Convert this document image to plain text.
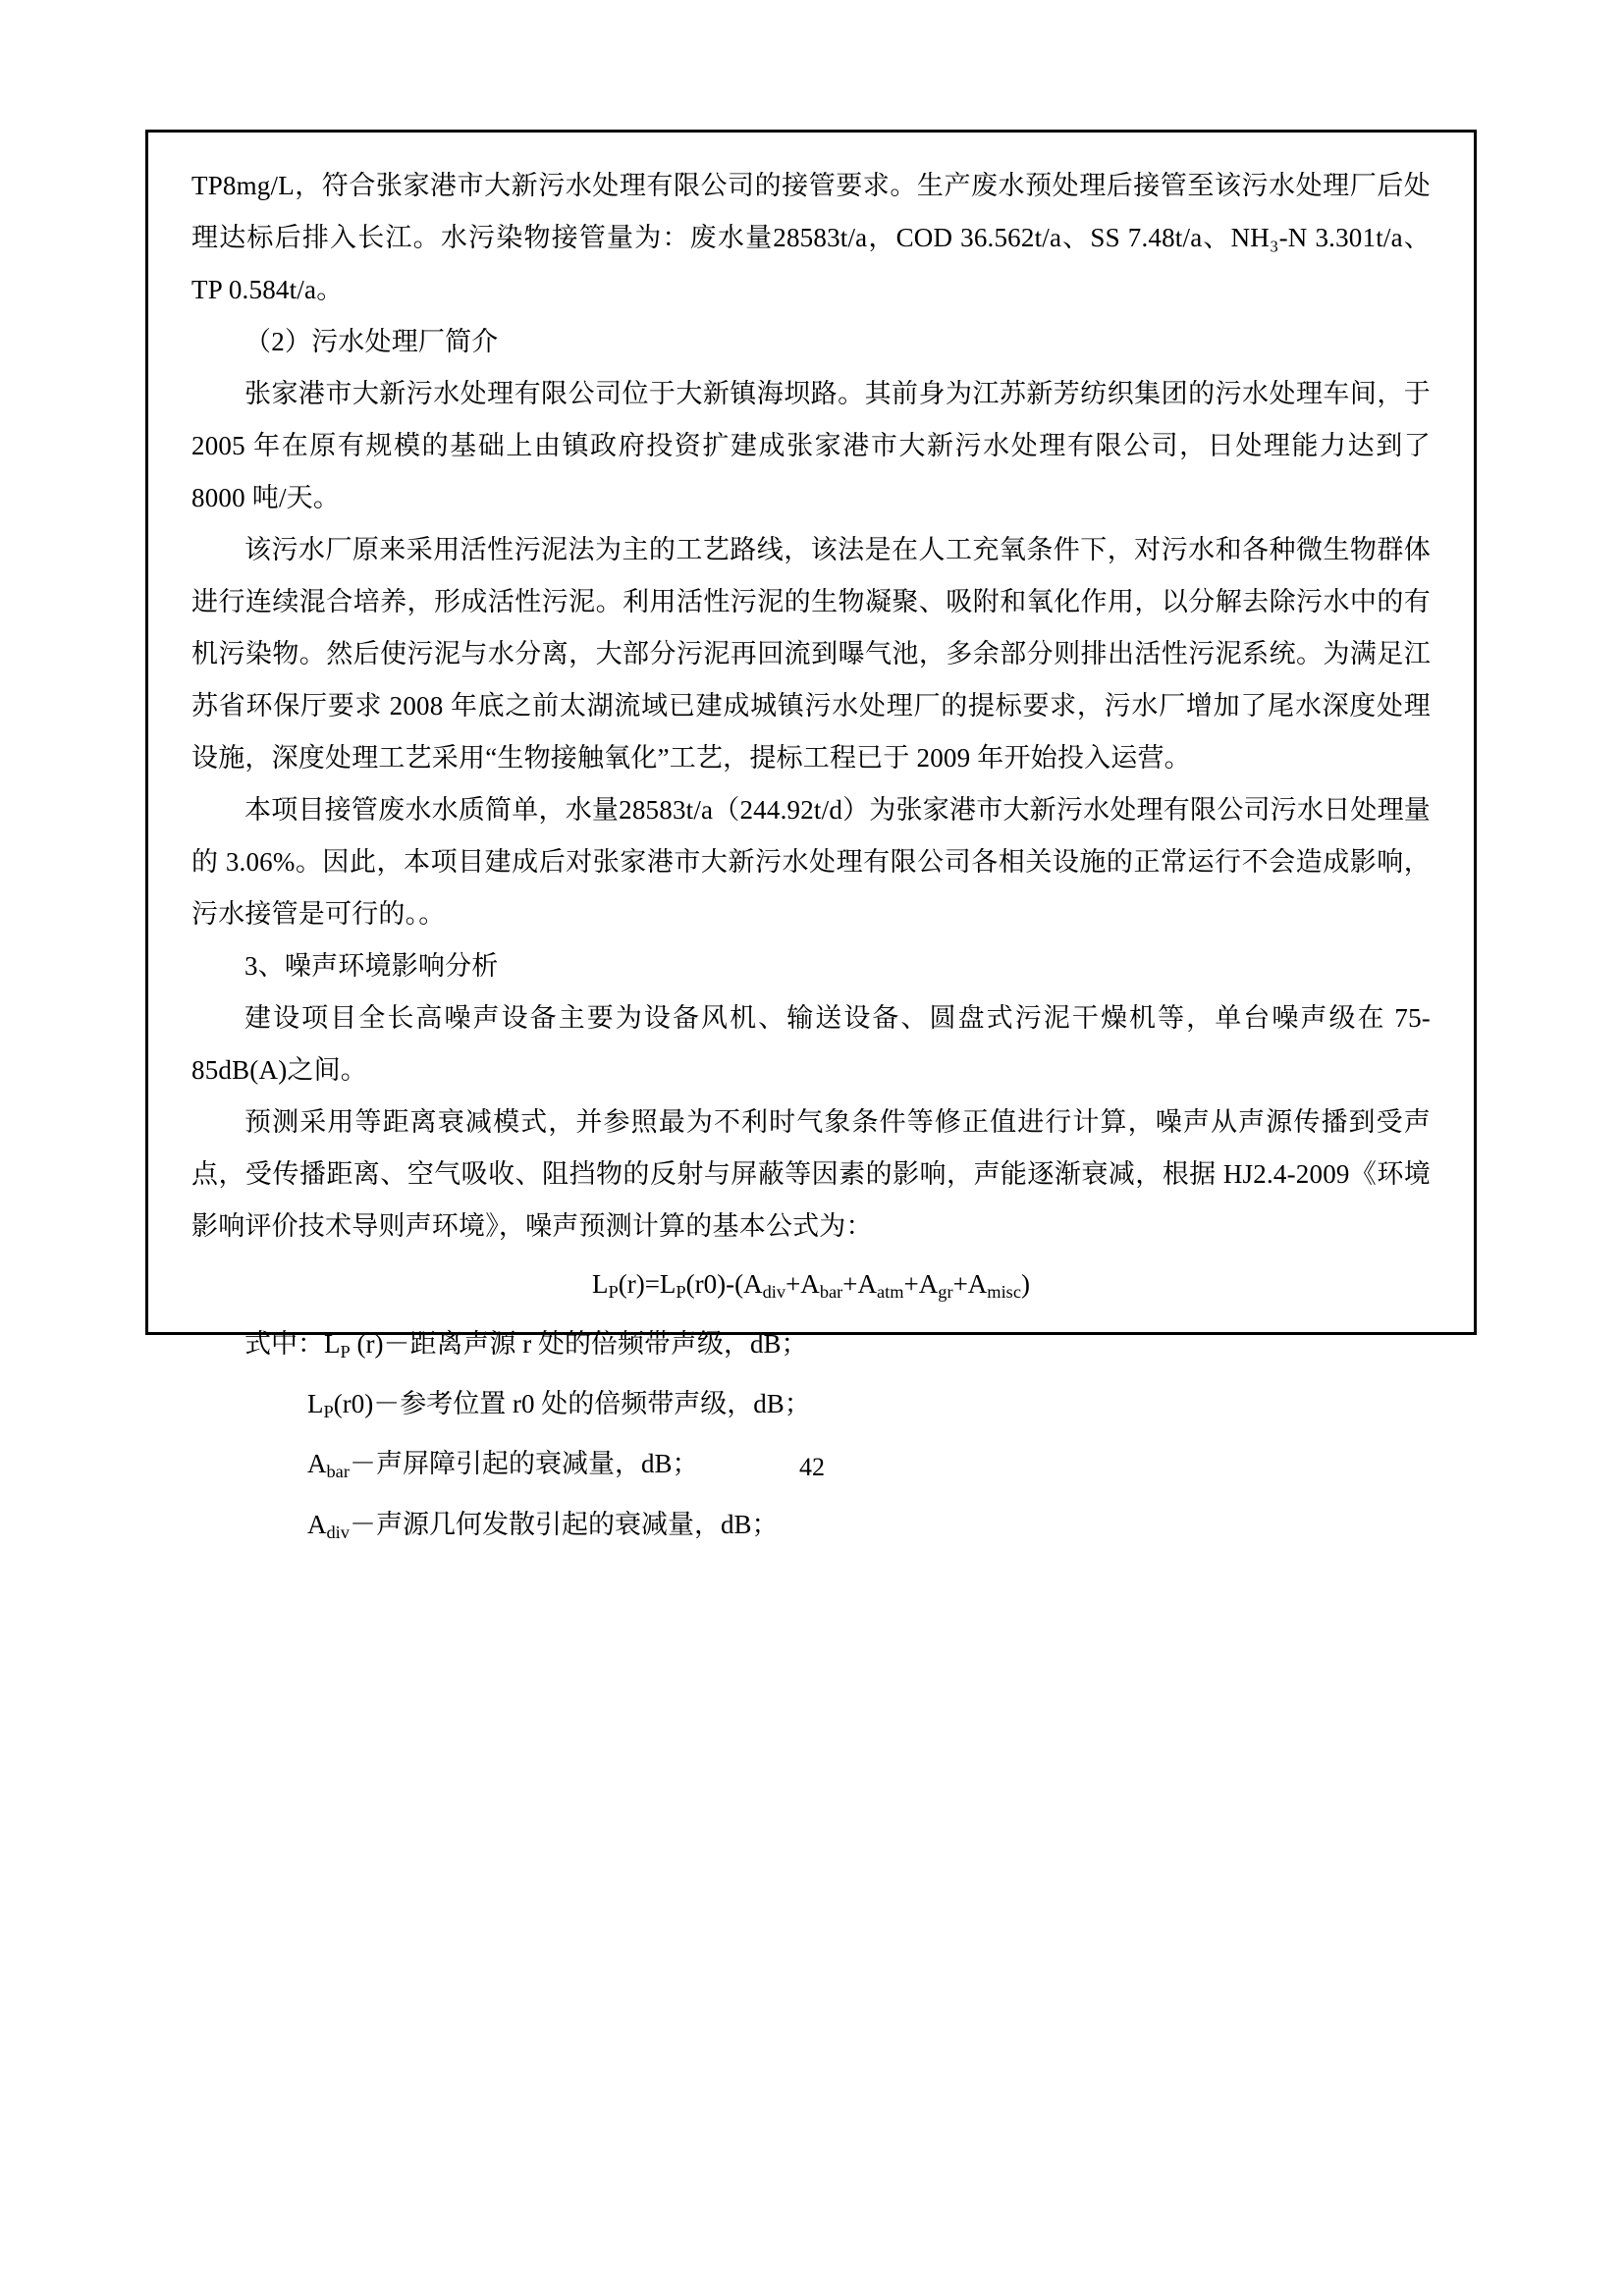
TP8mg/L，符合张家港市大新污水处理有限公司的接管要求。生产废水预处理后接管至该污水处理厂后处理达标后排入长江。水污染物接管量为：废水量28583t/a，COD 36.562t/a、SS 7.48t/a、NH₃-N 3.301t/a、TP 0.584t/a。

（2）污水处理厂简介

张家港市大新污水处理有限公司位于大新镇海坝路。其前身为江苏新芳纺织集团的污水处理车间，于 2005 年在原有规模的基础上由镇政府投资扩建成张家港市大新污水处理有限公司，日处理能力达到了 8000 吨/天。

该污水厂原来采用活性污泥法为主的工艺路线，该法是在人工充氧条件下，对污水和各种微生物群体进行连续混合培养，形成活性污泥。利用活性污泥的生物凝聚、吸附和氧化作用，以分解去除污水中的有机污染物。然后使污泥与水分离，大部分污泥再回流到曝气池，多余部分则排出活性污泥系统。为满足江苏省环保厅要求 2008 年底之前太湖流域已建成城镇污水处理厂的提标要求，污水厂增加了尾水深度处理设施，深度处理工艺采用“生物接触氧化”工艺，提标工程已于 2009 年开始投入运营。

本项目接管废水水质简单，水量28583t/a（244.92t/d）为张家港市大新污水处理有限公司污水日处理量的 3.06%。因此，本项目建成后对张家港市大新污水处理有限公司各相关设施的正常运行不会造成影响，污水接管是可行的。。

3、噪声环境影响分析

建设项目全长高噪声设备主要为设备风机、输送设备、圆盘式污泥干燥机等，单台噪声级在 75-85dB(A)之间。

预测采用等距离衰减模式，并参照最为不利时气象条件等修正值进行计算，噪声从声源传播到受声点，受传播距离、空气吸收、阻挡物的反射与屏蔽等因素的影响，声能逐渐衰减，根据 HJ2.4-2009《环境影响评价技术导则声环境》，噪声预测计算的基本公式为：

$L_P(r)=L_P(r0)-(A_{div}+A_{bar}+A_{atm}+A_{gr}+A_{misc})$
式中：$L_P$ (r)－距离声源 r 处的倍频带声级，dB；
$L_P(r0)-$参考位置 r0 处的倍频带声级，dB；
$A_{bar}-$声屏障引起的衰减量，dB；
$A_{div}-$声源几何发散引起的衰减量，dB；
42
